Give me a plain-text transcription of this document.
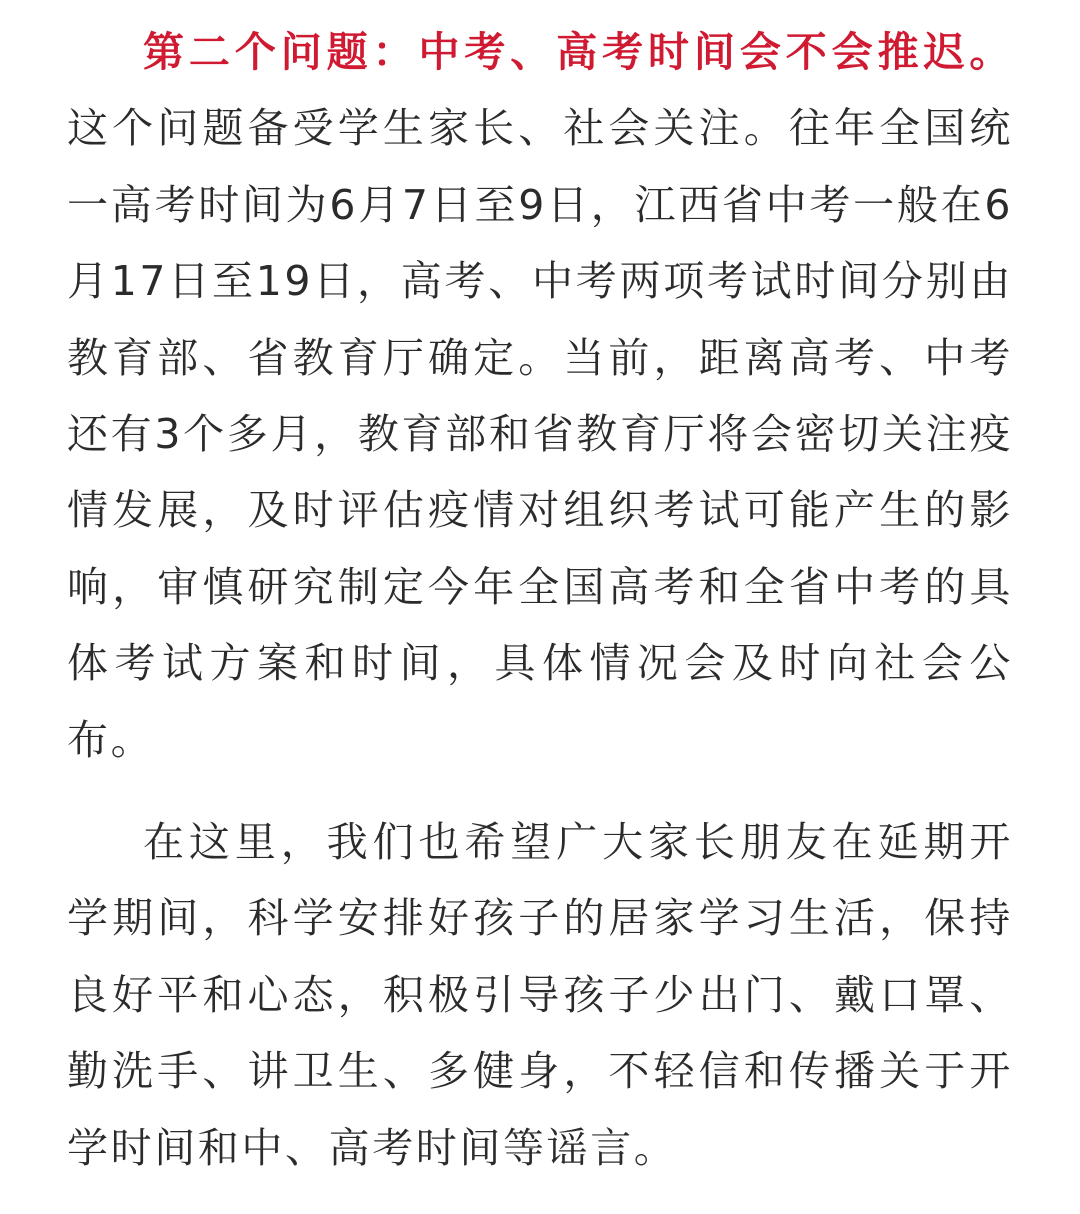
第二个问题：中考、高考时间会不会推迟。这个问题备受学生家长、社会关注。往年全国统一高考时间为6月7日至9日，江西省中考一般在6月17日至19日，高考、中考两项考试时间分别由教育部、省教育厅确定。当前，距离高考、中考还有3个多月，教育部和省教育厅将会密切关注疫情发展，及时评估疫情对组织考试可能产生的影响，审慎研究制定今年全国高考和全省中考的具体考试方案和时间，具体情况会及时向社会公布。

在这里，我们也希望广大家长朋友在延期开学期间，科学安排好孩子的居家学习生活，保持良好平和心态，积极引导孩子少出门、戴口罩、勤洗手、讲卫生、多健身，不轻信和传播关于开学时间和中、高考时间等谣言。
